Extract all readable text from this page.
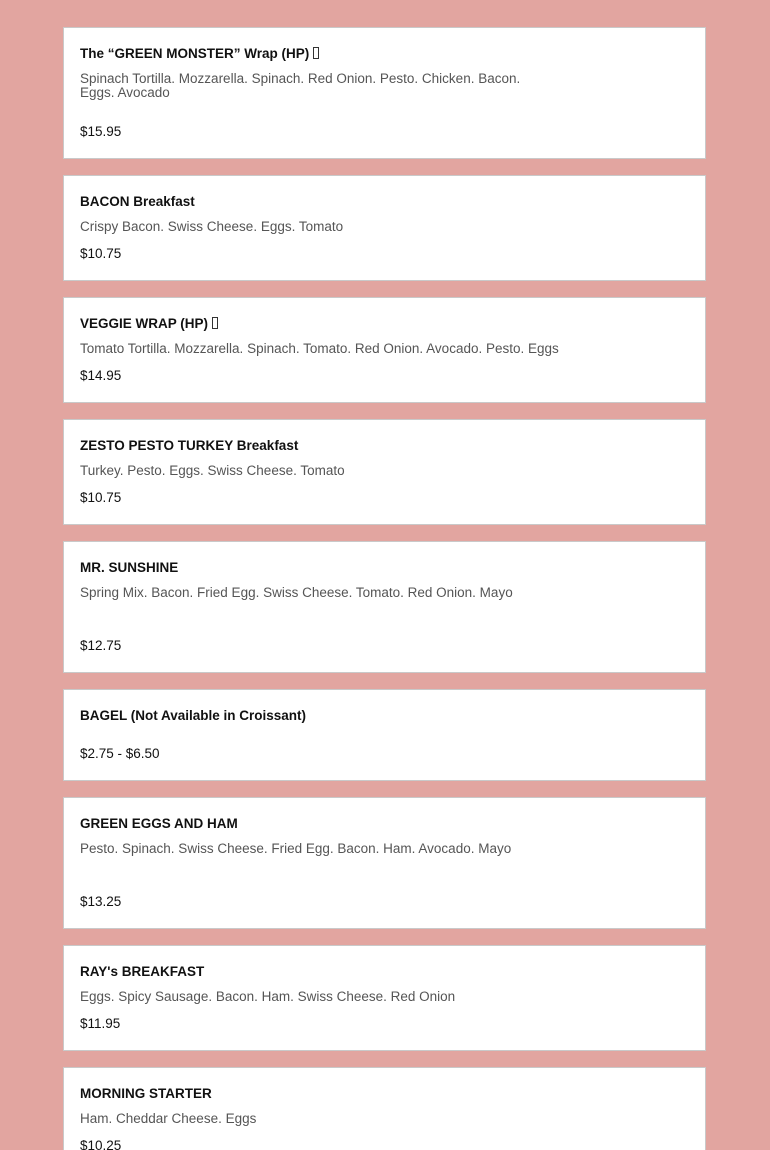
The “GREEN MONSTER” Wrap (HP)
Spinach Tortilla. Mozzarella. Spinach. Red Onion. Pesto. Chicken. Bacon. Eggs. Avocado
$15.95
BACON Breakfast
Crispy Bacon. Swiss Cheese. Eggs. Tomato
$10.75
VEGGIE WRAP (HP)
Tomato Tortilla. Mozzarella. Spinach. Tomato. Red Onion. Avocado. Pesto. Eggs
$14.95
ZESTO PESTO TURKEY Breakfast
Turkey. Pesto. Eggs. Swiss Cheese. Tomato
$10.75
MR. SUNSHINE
Spring Mix. Bacon. Fried Egg. Swiss Cheese. Tomato. Red Onion. Mayo
$12.75
BAGEL (Not Available in Croissant)
$2.75 - $6.50
GREEN EGGS AND HAM
Pesto. Spinach. Swiss Cheese. Fried Egg. Bacon. Ham. Avocado. Mayo
$13.25
RAY's BREAKFAST
Eggs. Spicy Sausage. Bacon. Ham. Swiss Cheese. Red Onion
$11.95
MORNING STARTER
Ham. Cheddar Cheese. Eggs
$10.25
